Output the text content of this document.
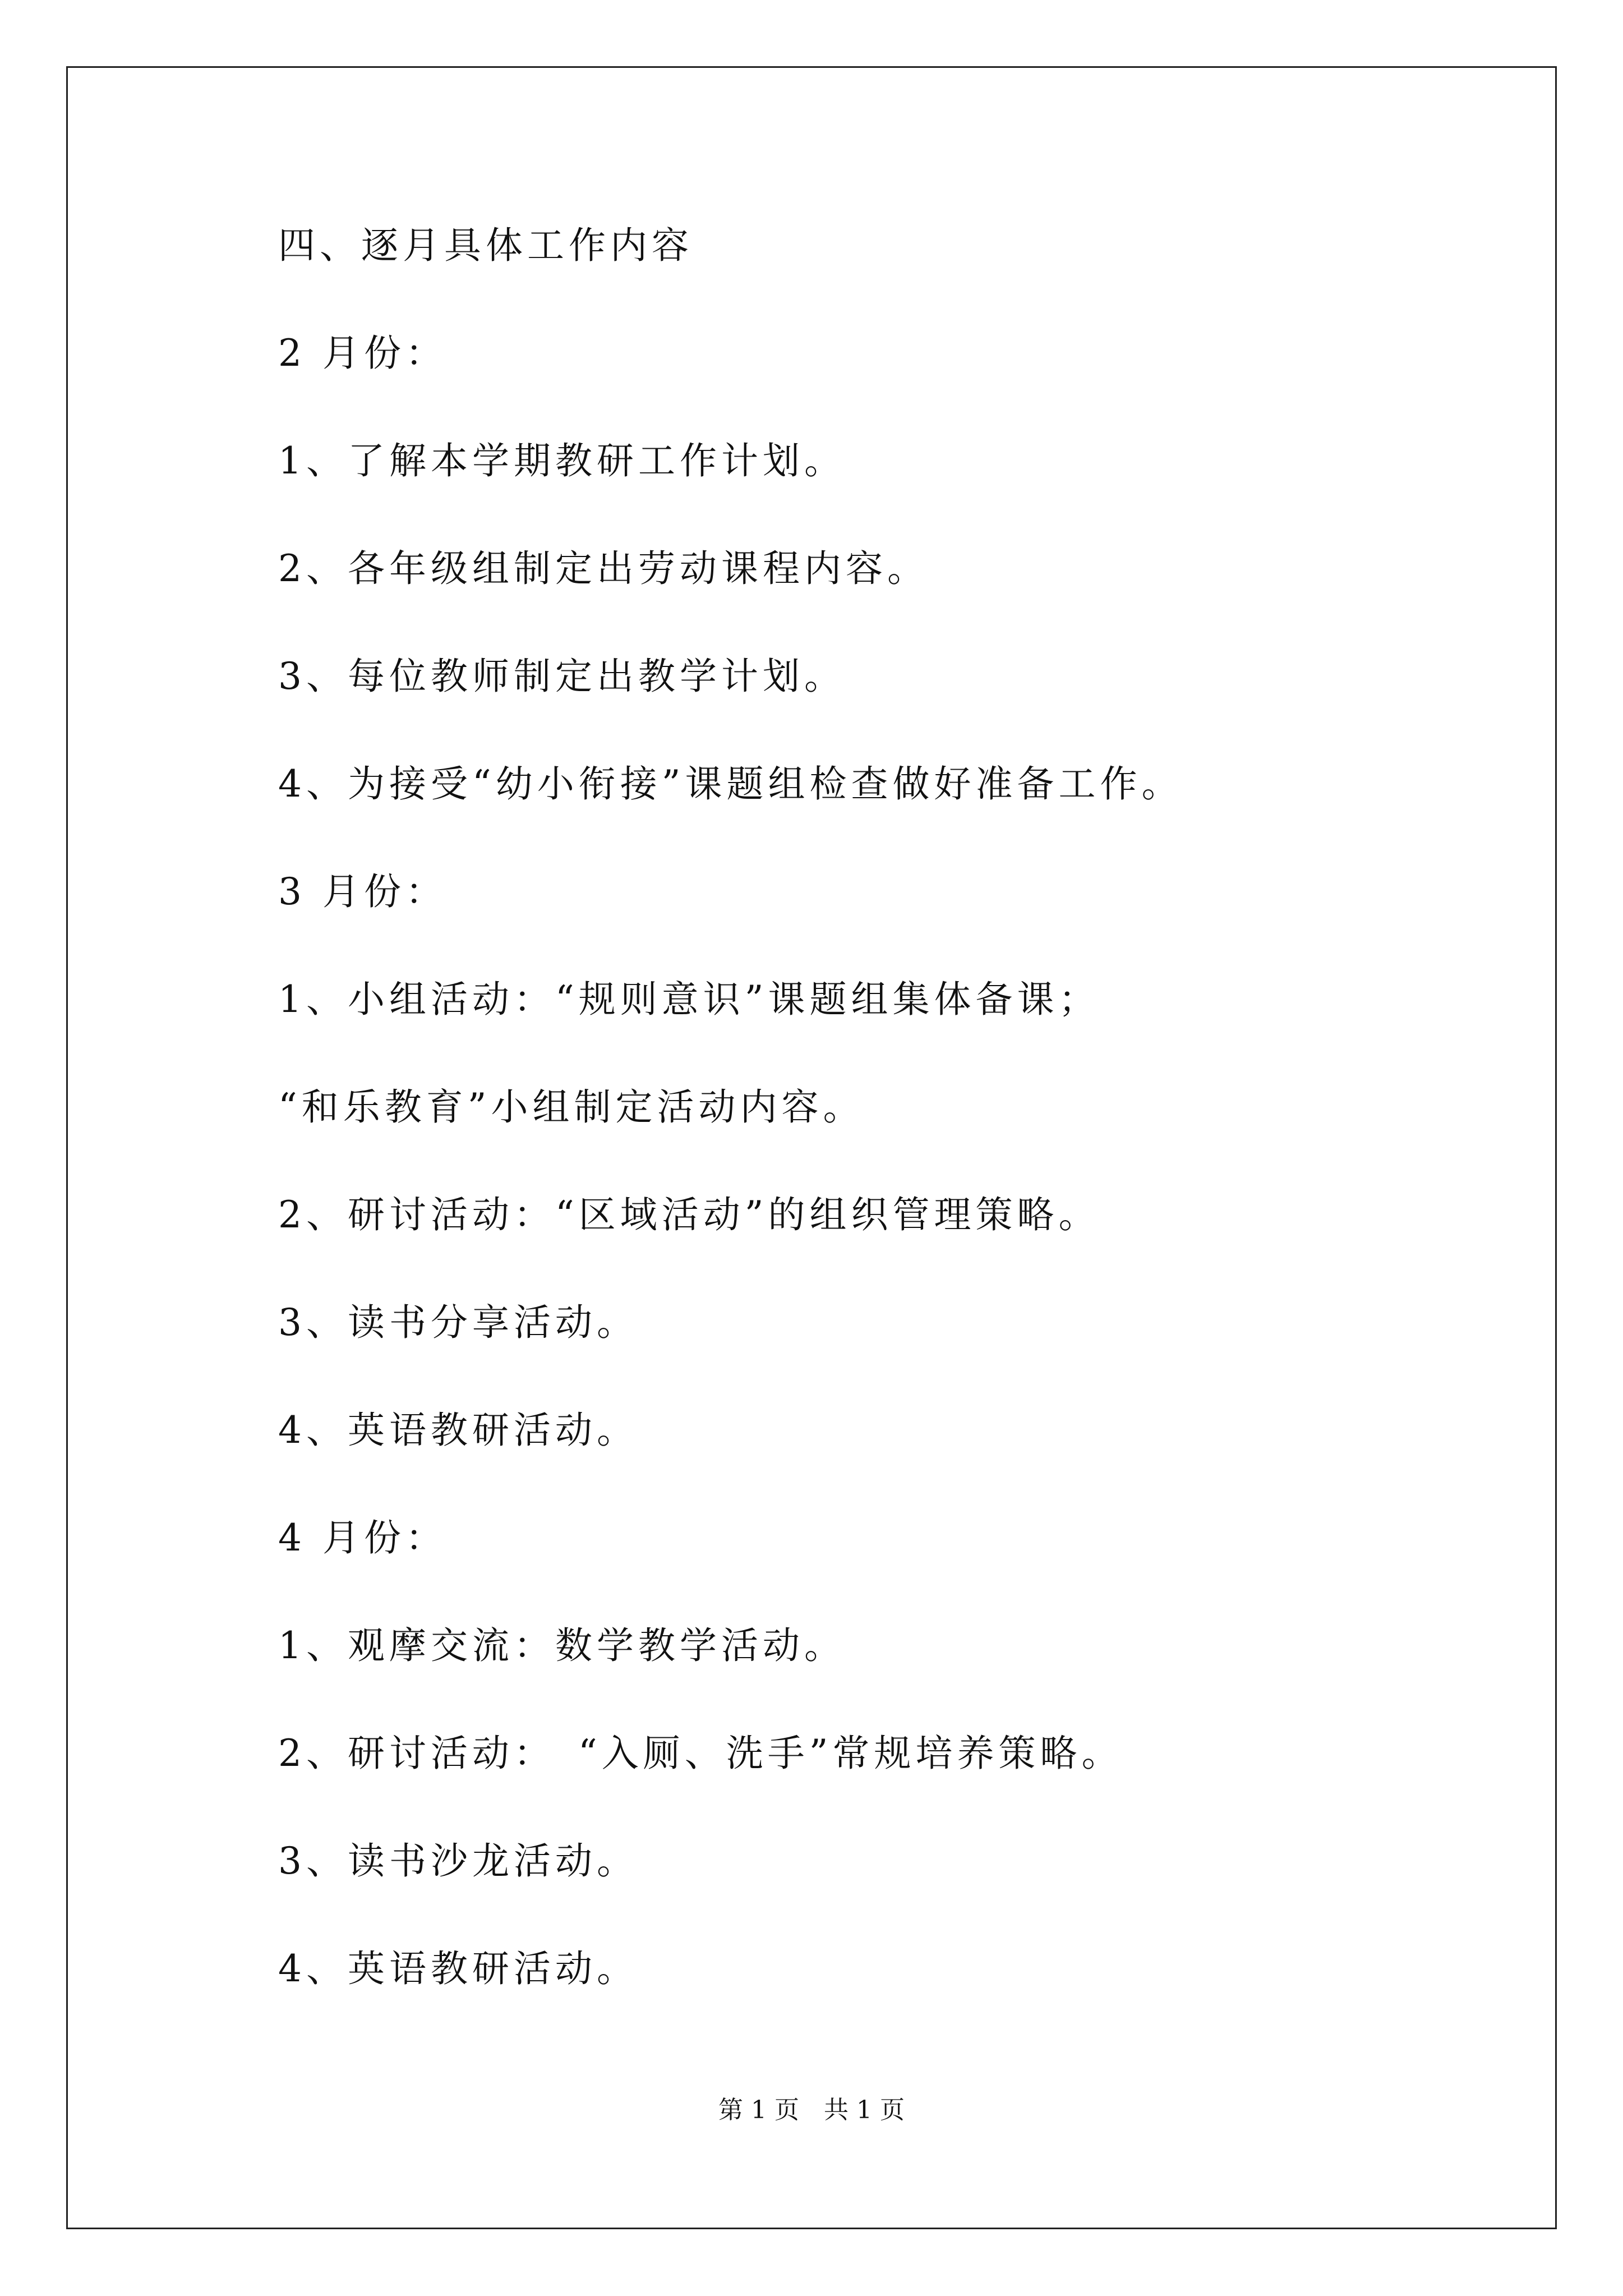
四、逐月具体工作内容
2 月份：
1、了解本学期教研工作计划。
2、各年级组制定出劳动课程内容。
3、每位教师制定出教学计划。
4、为接受“幼小衔接”课题组检查做好准备工作。
3 月份：
1、小组活动：“规则意识”课题组集体备课；
“和乐教育”小组制定活动内容。
2、研讨活动：“区域活动”的组织管理策略。
3、读书分享活动。
4、英语教研活动。
4 月份：
1、观摩交流：数学教学活动。
2、研讨活动：　“入厕、洗手”常规培养策略。
3、读书沙龙活动。
4、英语教研活动。
第 1 页　共 1 页
